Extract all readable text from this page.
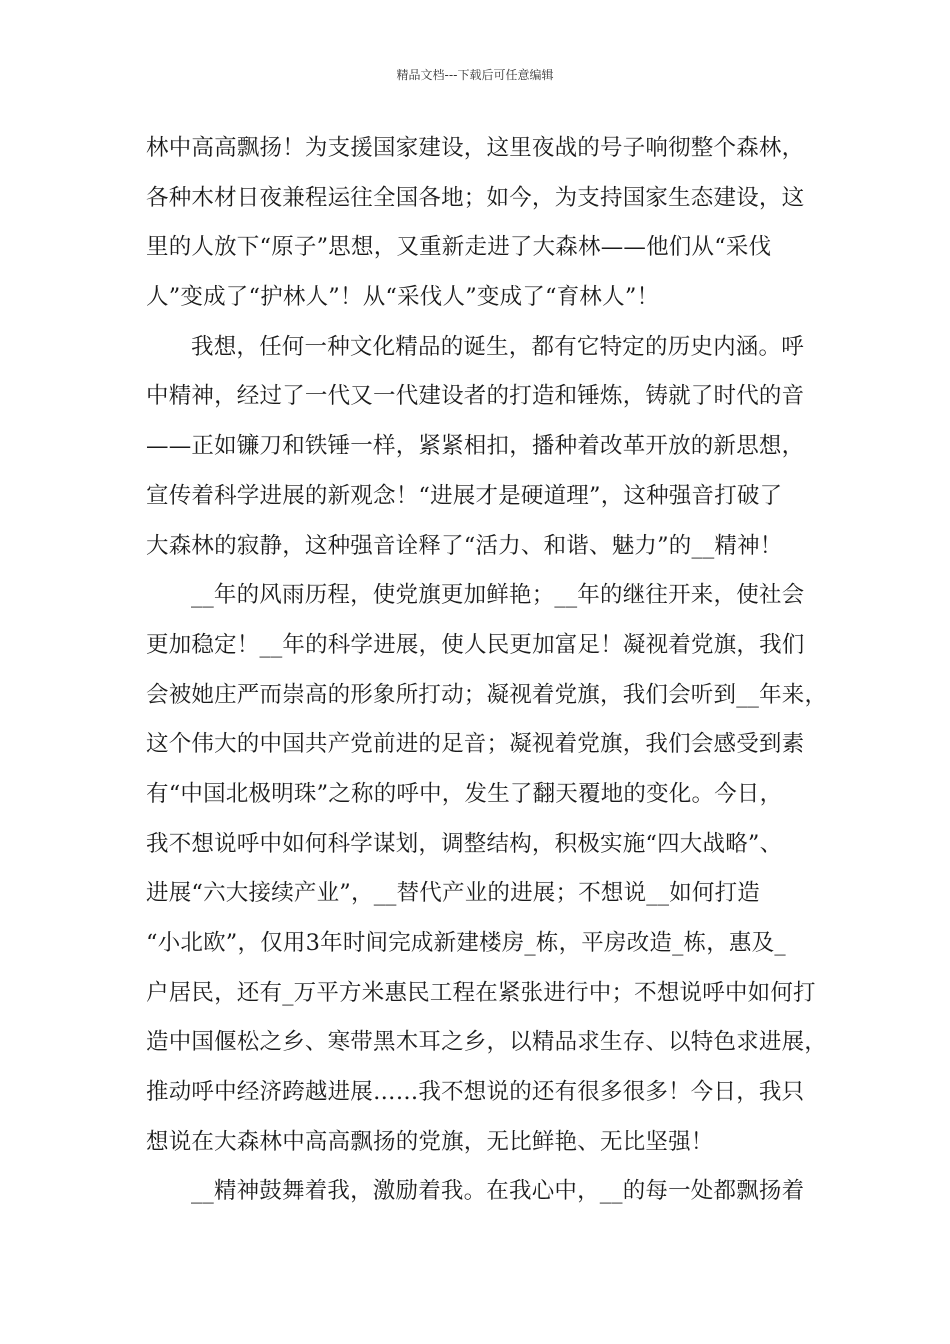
精品文档---下载后可任意编辑
林中高高飘扬！为支援国家建设，这里夜战的号子响彻整个森林，
各种木材日夜兼程运往全国各地；如今，为支持国家生态建设，这
里的人放下“原子”思想，又重新走进了大森林——他们从“采伐
人”变成了“护林人”！从“采伐人”变成了“育林人”！
我想，任何一种文化精品的诞生，都有它特定的历史内涵。呼
中精神，经过了一代又一代建设者的打造和锤炼，铸就了时代的音
——正如镰刀和铁锤一样，紧紧相扣，播种着改革开放的新思想，
宣传着科学进展的新观念！“进展才是硬道理”，这种强音打破了
大森林的寂静，这种强音诠释了“活力、和谐、魅力”的__精神！
__年的风雨历程，使党旗更加鲜艳；__年的继往开来，使社会
更加稳定！__年的科学进展，使人民更加富足！凝视着党旗，我们
会被她庄严而崇高的形象所打动；凝视着党旗，我们会听到__年来，
这个伟大的中国共产党前进的足音；凝视着党旗，我们会感受到素
有“中国北极明珠”之称的呼中，发生了翻天覆地的变化。今日，
我不想说呼中如何科学谋划，调整结构，积极实施“四大战略”、
进展“六大接续产业”，__替代产业的进展；不想说__如何打造
“小北欧”，仅用3年时间完成新建楼房_栋，平房改造_栋，惠及_
户居民，还有_万平方米惠民工程在紧张进行中；不想说呼中如何打
造中国偃松之乡、寒带黑木耳之乡，以精品求生存、以特色求进展，
推动呼中经济跨越进展……我不想说的还有很多很多！今日，我只
想说在大森林中高高飘扬的党旗，无比鲜艳、无比坚强！
__精神鼓舞着我，激励着我。在我心中，__的每一处都飘扬着
